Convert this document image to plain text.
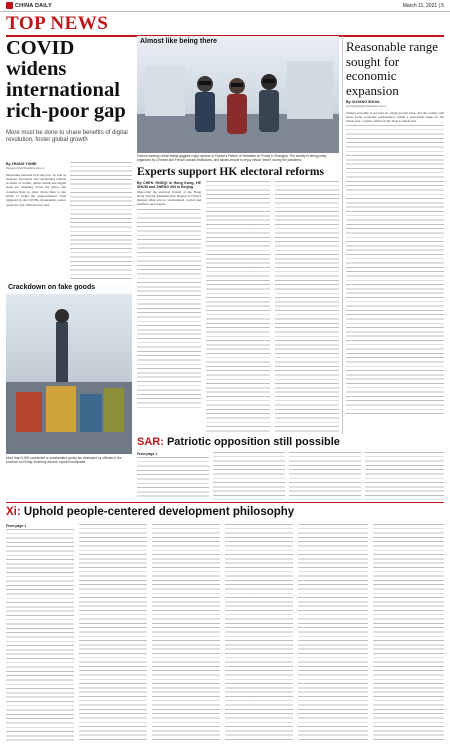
CHINA DAILY	March 11, 2021 | 5
TOP NEWS
COVID widens international rich-poor gap
More must be done to share benefits of digital revolution, foster global growth
By ZHANG YUNBI
zhangyunbi@chinadaily.com.cn
Disparities between rich and poor, as well as between developed and developing nations in terms of wealth, public health and digital leaps are widening across the globe, and countries have no other choice than to join hands to tackle the unprecedented crisis triggered by the COVID-19 pandemic, senior observers and officials have said.
Almost like being there
Visitors wearing virtual reality goggles enjoy replicas of France's Palace of Versailles on Friday in Shanghai. The activity is being jointly organized by Chinese and French cultural institutions, and allows people to enjoy virtual "travel" during the pandemic.
Reasonable range sought for economic expansion
By OUYANG SHIJIA
ouyangshijia@chinadaily.com.cn
China's economy is not bent on a high growth track, and the country will never foster economic performance within a reasonable range for the whole year, a senior official at the State Council said.
Experts support HK electoral reforms
By CHEN YINGQI in Hong Kong, HE SHUSI and ZHENG XIN in Beijing
Improving the electoral system of the Hong Kong Special Administrative Region is China's internal affair and is constitutional, lawful and justified, said experts.
Crackdown on fake goods
More than 5,000 counterfeit or substandard goods are destroyed by officials in the province on Friday, including alcohol, expired toothpaste.
SAR: Patriotic opposition still possible
From page 1
Xi: Uphold people-centered development philosophy
From page 1
